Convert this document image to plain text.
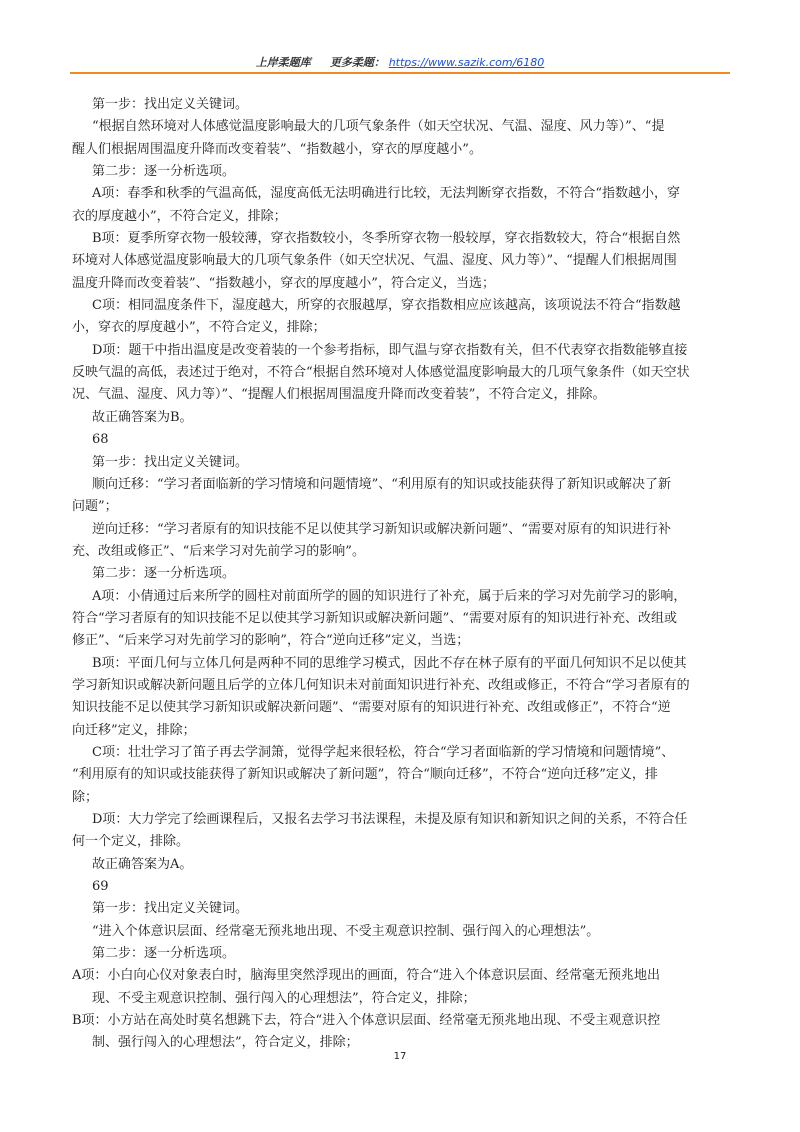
上岸柔题库 更多柔题： https://www.sazik.com/6180

第一步：找出定义关键词。

“根据自然环境对人体感觉温度影响最大的几项气象条件（如天空状况、气温、湿度、风力等）”、“提

醒人们根据周围温度升降而改变着装”、“指数越小，穿衣的厚度越小”。

第二步：逐一分析选项。

A项：春季和秋季的气温高低，湿度高低无法明确进行比较，无法判断穿衣指数，不符合“指数越小，穿

衣的厚度越小”，不符合定义，排除；

B项：夏季所穿衣物一般较薄，穿衣指数较小，冬季所穿衣物一般较厚，穿衣指数较大，符合“根据自然

环境对人体感觉温度影响最大的几项气象条件（如天空状况、气温、湿度、风力等）”、“提醒人们根据周围

温度升降而改变着装”、“指数越小，穿衣的厚度越小”，符合定义，当选；

C项：相同温度条件下，湿度越大，所穿的衣服越厚，穿衣指数相应应该越高，该项说法不符合“指数越

小，穿衣的厚度越小”，不符合定义，排除；

D项：题干中指出温度是改变着装的一个参考指标，即气温与穿衣指数有关，但不代表穿衣指数能够直接

反映气温的高低，表述过于绝对，不符合“根据自然环境对人体感觉温度影响最大的几项气象条件（如天空状

况、气温、湿度、风力等）”、“提醒人们根据周围温度升降而改变着装”，不符合定义，排除。

故正确答案为B。

68

第一步：找出定义关键词。

顺向迁移：“学习者面临新的学习情境和问题情境”、“利用原有的知识或技能获得了新知识或解决了新

问题”；

逆向迁移：“学习者原有的知识技能不足以使其学习新知识或解决新问题”、“需要对原有的知识进行补

充、改组或修正”、“后来学习对先前学习的影响”。

第二步：逐一分析选项。

A项：小倩通过后来所学的圆柱对前面所学的圆的知识进行了补充，属于后来的学习对先前学习的影响，

符合“学习者原有的知识技能不足以使其学习新知识或解决新问题”、“需要对原有的知识进行补充、改组或

修正”、“后来学习对先前学习的影响”，符合“逆向迁移”定义，当选；

B项：平面几何与立体几何是两种不同的思维学习模式，因此不存在林子原有的平面几何知识不足以使其

学习新知识或解决新问题且后学的立体几何知识未对前面知识进行补充、改组或修正，不符合“学习者原有的

知识技能不足以使其学习新知识或解决新问题”、“需要对原有的知识进行补充、改组或修正”，不符合“逆

向迁移”定义，排除；

C项：壮壮学习了笛子再去学洞箫，觉得学起来很轻松，符合“学习者面临新的学习情境和问题情境”、

“利用原有的知识或技能获得了新知识或解决了新问题”，符合“顺向迁移”，不符合“逆向迁移”定义，排

除；

D项：大力学完了绘画课程后，又报名去学习书法课程，未提及原有知识和新知识之间的关系，不符合任

何一个定义，排除。

故正确答案为A。

69

第一步：找出定义关键词。

“进入个体意识层面、经常毫无预兆地出现、不受主观意识控制、强行闯入的心理想法”。

第二步：逐一分析选项。

A项：小白向心仪对象表白时，脑海里突然浮现出的画面，符合“进入个体意识层面、经常毫无预兆地出

现、不受主观意识控制、强行闯入的心理想法”，符合定义，排除；

B项：小方站在高处时莫名想跳下去，符合“进入个体意识层面、经常毫无预兆地出现、不受主观意识控

制、强行闯入的心理想法”，符合定义，排除；

17
